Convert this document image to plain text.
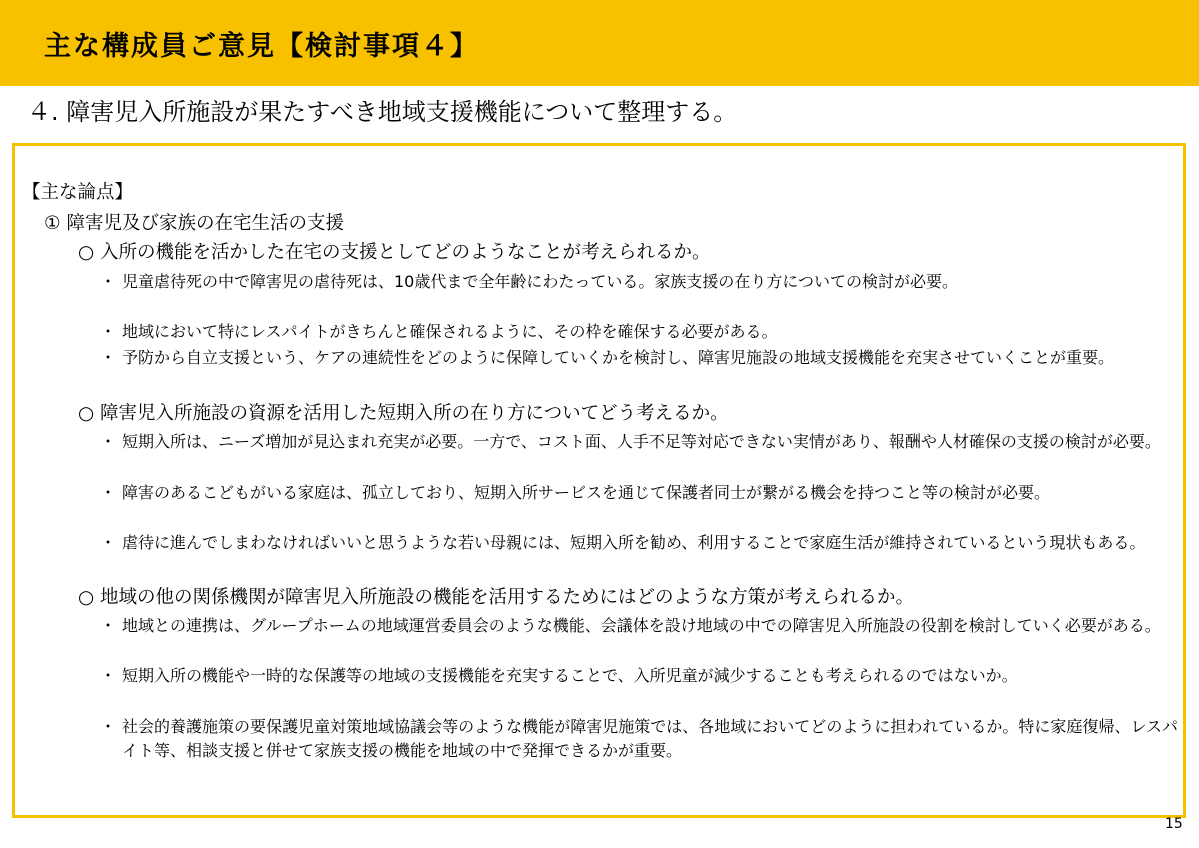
主な構成員ご意見【検討事項４】
４. 障害児入所施設が果たすべき地域支援機能について整理する。
【主な論点】
① 障害児及び家族の在宅生活の支援
○ 入所の機能を活かした在宅の支援としてどのようなことが考えられるか。
・ 児童虐待死の中で障害児の虐待死は、10歳代まで全年齢にわたっている。家族支援の在り方についての検討が必要。
・ 地域において特にレスパイトがきちんと確保されるように、その枠を確保する必要がある。
・ 予防から自立支援という、ケアの連続性をどのように保障していくかを検討し、障害児施設の地域支援機能を充実させていくことが重要。
○ 障害児入所施設の資源を活用した短期入所の在り方についてどう考えるか。
・ 短期入所は、ニーズ増加が見込まれ充実が必要。一方で、コスト面、人手不足等対応できない実情があり、報酬や人材確保の支援の検討が必要。
・ 障害のあるこどもがいる家庭は、孤立しており、短期入所サービスを通じて保護者同士が繋がる機会を持つこと等の検討が必要。
・ 虐待に進んでしまわなければいいと思うような若い母親には、短期入所を勧め、利用することで家庭生活が維持されているという現状もある。
○ 地域の他の関係機関が障害児入所施設の機能を活用するためにはどのような方策が考えられるか。
・ 地域との連携は、グループホームの地域運営委員会のような機能、会議体を設け地域の中での障害児入所施設の役割を検討していく必要がある。
・ 短期入所の機能や一時的な保護等の地域の支援機能を充実することで、入所児童が減少することも考えられるのではないか。
・ 社会的養護施策の要保護児童対策地域協議会等のような機能が障害児施策では、各地域においてどのように担われているか。特に家庭復帰、レスパイト等、相談支援と併せて家族支援の機能を地域の中で発揮できるかが重要。
15
